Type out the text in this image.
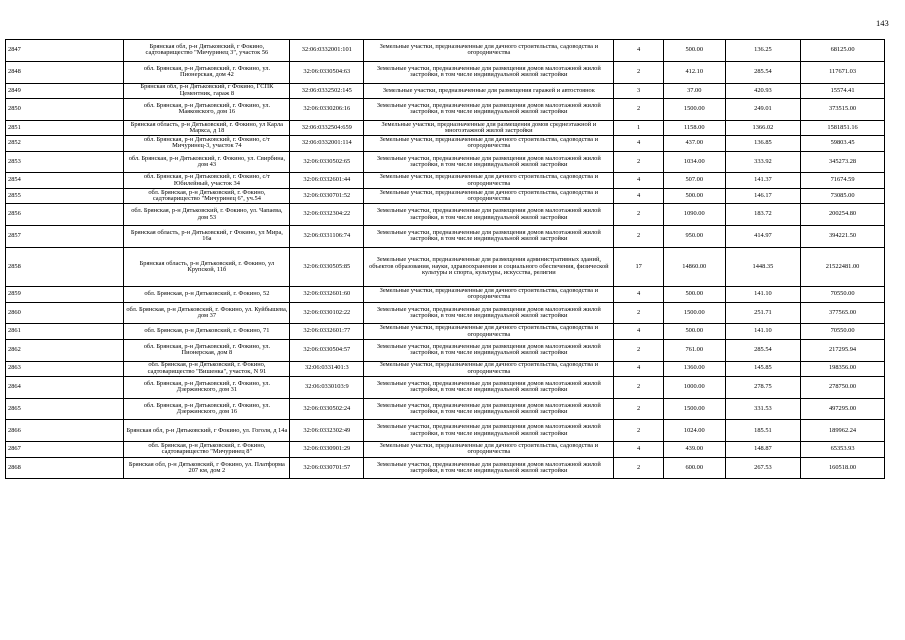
143
2847	Брянская обл, р-н Дятьковский, г Фокино, садтоварищество "Мичуринец 3", участок 56	32:06:0332001:101	Земельные участки, предназначенные для дачного строительства, садоводства и огородничества	4	500.00	136.25	68125.00
2848	обл. Брянская, р-н Дятьковский, г. Фокино, ул. Пионерская, дом 42	32:06:0330504:63	Земельные участки, предназначенные для размещения домов малоэтажной жилой застройки, в том числе индивидуальной жилой застройки	2	412.10	285.54	117671.03
2849	Брянская обл, р-н Дятьковский, г Фокино, ГСПК Цементник, гараж 8	32:06:0332502:145	Земельные участки, предназначенные для размещения гаражей и автостоянок	3	37.00	420.93	15574.41
2850	обл. Брянская, р-н Дятьковский, г. Фокино, ул. Маяковского, дом 16	32:06:0330206:16	Земельные участки, предназначенные для размещения домов малоэтажной жилой застройки, в том числе индивидуальной жилой застройки	2	1500.00	249.01	373515.00
2851	Брянская область, р-н Дятьковский, г. Фокино, ул Карла Маркса, д 18	32:06:0332504:659	Земельные участки, предназначенные для размещения домов среднеэтажной и многоэтажной жилой застройки	1	1158.00	1366.02	1581851.16
2852	обл. Брянская, р-н Дятьковский, г. Фокино, с/т Мичуринец-3, участок 74	32:06:0332001:114	Земельные участки, предназначенные для дачного строительства, садоводства и огородничества	4	437.00	136.85	59803.45
2853	обл. Брянская, р-н Дятьковский, г. Фокино, ул. Свирбина, дом 43	32:06:0330502:65	Земельные участки, предназначенные для размещения домов малоэтажной жилой застройки, в том числе индивидуальной жилой застройки	2	1034.00	333.92	345273.28
2854	обл. Брянская, р-н Дятьковский, г. Фокино, с/т Юбилейный, участок 34	32:06:0332601:44	Земельные участки, предназначенные для дачного строительства, садоводства и огородничества	4	507.00	141.37	71674.59
2855	обл. Брянская, р-н Дятьковский, г. Фокино, садтоварищество "Мичуринец 6", уч.54	32:06:0330701:52	Земельные участки, предназначенные для дачного строительства, садоводства и огородничества	4	500.00	146.17	73085.00
2856	обл. Брянская, р-н Дятьковский, г. Фокино, ул. Чапаева, дом 53	32:06:0332304:22	Земельные участки, предназначенные для размещения домов малоэтажной жилой застройки, в том числе индивидуальной жилой застройки	2	1090.00	183.72	200254.80
2857	Брянская область, р-н Дятьковский, г Фокино, ул Мира, 16а	32:06:0331106:74	Земельные участки, предназначенные для размещения домов малоэтажной жилой застройки, в том числе индивидуальной жилой застройки	2	950.00	414.97	394221.50
2858	Брянская область, р-н Дятьковский, г. Фокино, ул Крупской, 11б	32:06:0330505:85	Земельные участки, предназначенные для размещения административных зданий, объектов образования, науки, здравоохранения и социального обеспечения, физической культуры и спорта, культуры, искусства, религии	17	14860.00	1448.35	21522481.00
2859	обл. Брянская, р-н Дятьковский, г. Фокино, 52	32:06:0332601:60	Земельные участки, предназначенные для дачного строительства, садоводства и огородничества	4	500.00	141.10	70550.00
2860	обл. Брянская, р-н Дятьковский, г. Фокино, ул. Куйбышева, дом 37	32:06:0330102:22	Земельные участки, предназначенные для размещения домов малоэтажной жилой застройки, в том числе индивидуальной жилой застройки	2	1500.00	251.71	377565.00
2861	обл. Брянская, р-н Дятьковский, г. Фокино, 71	32:06:0332601:77	Земельные участки, предназначенные для дачного строительства, садоводства и огородничества	4	500.00	141.10	70550.00
2862	обл. Брянская, р-н Дятьковский, г. Фокино, ул. Пионерская, дом 8	32:06:0330504:57	Земельные участки, предназначенные для размещения домов малоэтажной жилой застройки, в том числе индивидуальной жилой застройки	2	761.00	285.54	217295.94
2863	обл. Брянская, р-н Дятьковский, г. Фокино, садтоварищество "Вишенка", участок, N 91	32:06:0331401:3	Земельные участки, предназначенные для дачного строительства, садоводства и огородничества	4	1360.00	145.85	198356.00
2864	обл. Брянская, р-н Дятьковский, г. Фокино, ул. Дзержинского, дом 31	32:06:0330103:9	Земельные участки, предназначенные для размещения домов малоэтажной жилой застройки, в том числе индивидуальной жилой застройки	2	1000.00	278.75	278750.00
2865	обл. Брянская, р-н Дятьковский, г. Фокино, ул. Дзержинского, дом 16	32:06:0330502:24	Земельные участки, предназначенные для размещения домов малоэтажной жилой застройки, в том числе индивидуальной жилой застройки	2	1500.00	331.53	497295.00
2866	Брянская обл, р-н Дятьковский, г Фокино, ул. Гоголя, д 14а	32:06:0332302:49	Земельные участки, предназначенные для размещения домов малоэтажной жилой застройки, в том числе индивидуальной жилой застройки	2	1024.00	185.51	189962.24
2867	обл. Брянская, р-н Дятьковский, г. Фокино, садтоварищество "Мичуринец 8"	32:06:0330901:29	Земельные участки, предназначенные для дачного строительства, садоводства и огородничества	4	439.00	148.87	65353.93
2868	Брянская обл, р-н Дятьковский, г Фокино, ул. Платформа 207 км, дом 2	32:06:0330701:57	Земельные участки, предназначенные для размещения домов малоэтажной жилой застройки, в том числе индивидуальной жилой застройки	2	600.00	267.53	160518.00
